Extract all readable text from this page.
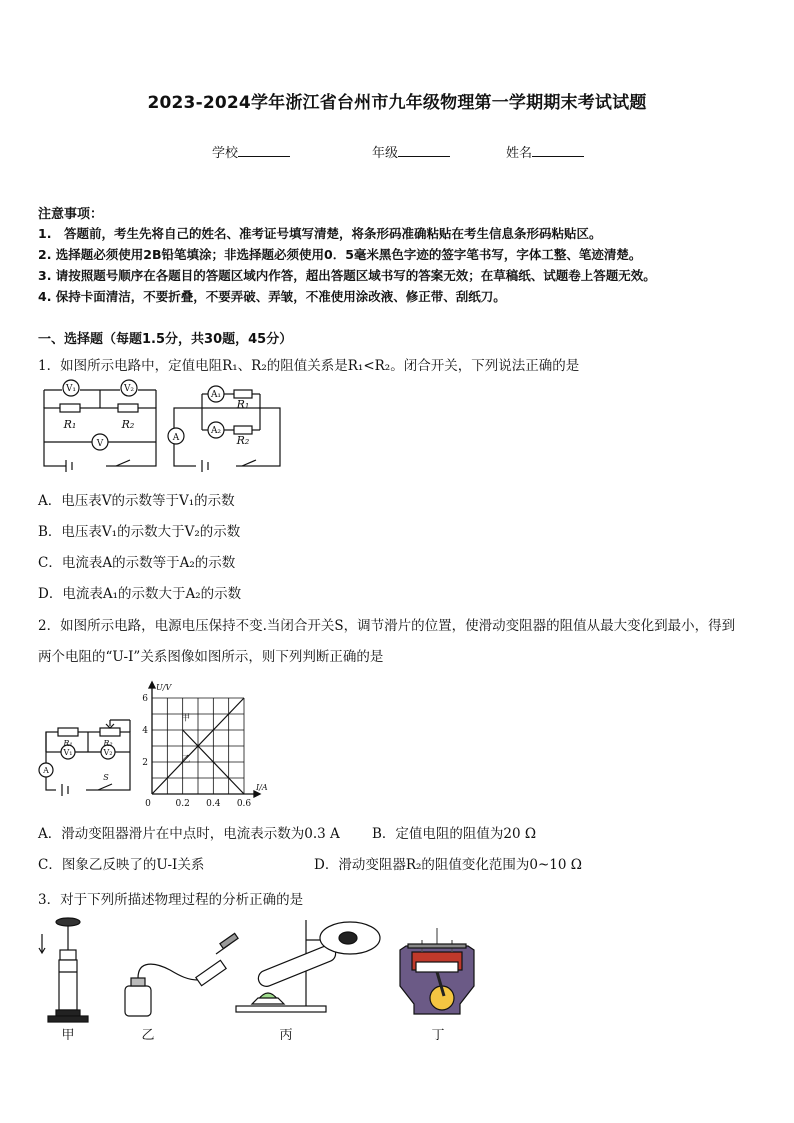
2023-2024学年浙江省台州市九年级物理第一学期期末考试试题
学校	年级	姓名
注意事项：
1.　答题前，考生先将自己的姓名、准考证号填写清楚，将条形码准确粘贴在考生信息条形码粘贴区。
2. 选择题必须使用2B铅笔填涂；非选择题必须使用0．5毫米黑色字迹的签字笔书写，字体工整、笔迹清楚。
3. 请按照题号顺序在各题目的答题区域内作答，超出答题区域书写的答案无效；在草稿纸、试题卷上答题无效。
4. 保持卡面清洁，不要折叠，不要弄破、弄皱，不准使用涂改液、修正带、刮纸刀。
一、选择题（每题1.5分，共30题，45分）
1．如图所示电路中，定值电阻R₁、R₂的阻值关系是R₁<R₂。闭合开关，下列说法正确的是
V₁	V₂
V
R₁	R₂
A
A₁
A₂
R₁
R₂
A．电压表V的示数等于V₁的示数
B．电压表V₁的示数大于V₂的示数
C．电流表A的示数等于A₂的示数
D．电流表A₁的示数大于A₂的示数
2．如图所示电路，电源电压保持不变.当闭合开关S，调节滑片的位置，使滑动变阻器的阻值从最大变化到最小，得到
两个电阻的“U-I”关系图像如图所示，则下列判断正确的是
R₁	R₂
V₁	V₂
A
S
0	0.2 0.4 0.6
2
4
6
I/A
U/V
甲
乙
A．滑动变阻器滑片在中点时，电流表示数为0.3 A B．定值电阻的阻值为20 Ω
C．图象乙反映了的U-I关系	D．滑动变阻器R₂的阻值变化范围为0~10 Ω
3．对于下列所描述物理过程的分析正确的是
甲	乙	丙	丁
